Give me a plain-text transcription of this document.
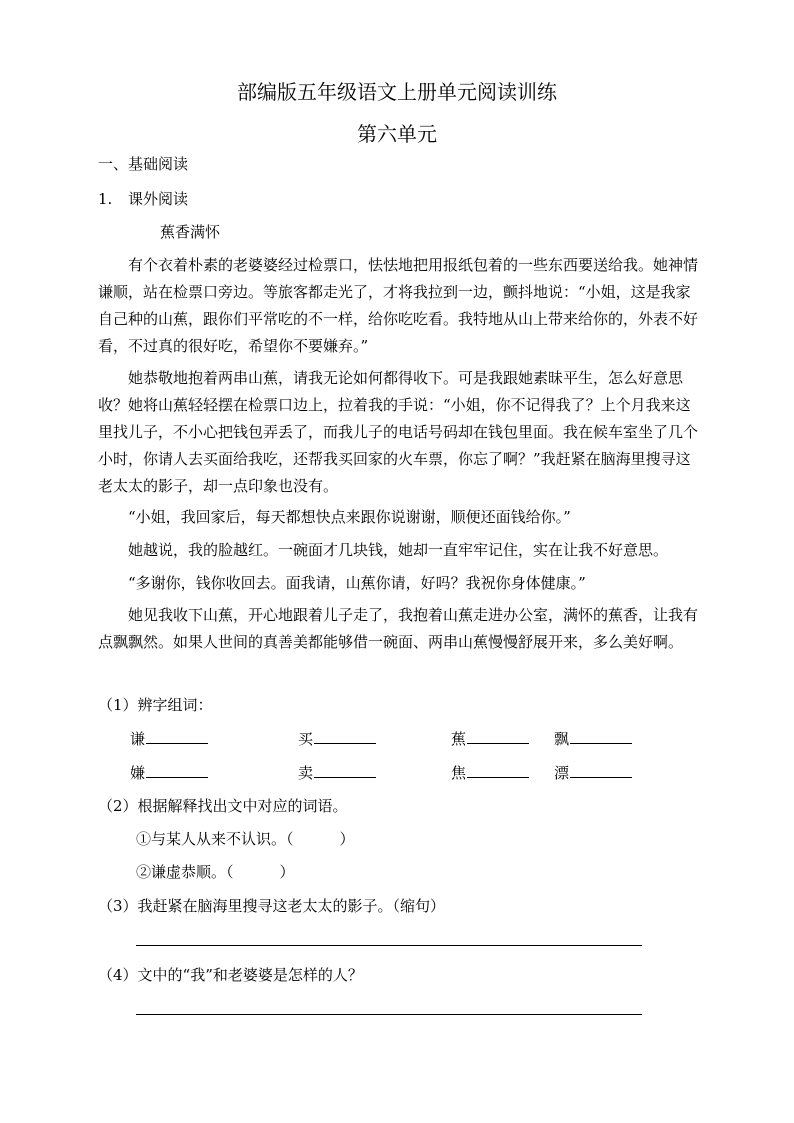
部编版五年级语文上册单元阅读训练
第六单元
一、基础阅读
1. 课外阅读
蕉香满怀

有个衣着朴素的老婆婆经过检票口，怯怯地把用报纸包着的一些东西要送给我。她神情谦顺，站在检票口旁边。等旅客都走光了，才将我拉到一边，颤抖地说：“小姐，这是我家自己种的山蕉，跟你们平常吃的不一样，给你吃吃看。我特地从山上带来给你的，外表不好看，不过真的很好吃，希望你不要嫌弃。”

她恭敬地抱着两串山蕉，请我无论如何都得收下。可是我跟她素昧平生，怎么好意思收？她将山蕉轻轻摆在检票口边上，拉着我的手说：“小姐，你不记得我了？上个月我来这里找儿子，不小心把钱包弄丢了，而我儿子的电话号码却在钱包里面。我在候车室坐了几个小时，你请人去买面给我吃，还帮我买回家的火车票，你忘了啊？”我赶紧在脑海里搜寻这老太太的影子，却一点印象也没有。

“小姐，我回家后，每天都想快点来跟你说谢谢，顺便还面钱给你。”

她越说，我的脸越红。一碗面才几块钱，她却一直牢牢记住，实在让我不好意思。

“多谢你，钱你收回去。面我请，山蕉你请，好吗？我祝你身体健康。”

她见我收下山蕉，开心地跟着儿子走了，我抱着山蕉走进办公室，满怀的蕉香，让我有点飘飘然。如果人世间的真善美都能够借一碗面、两串山蕉慢慢舒展开来，多么美好啊。

（1）辨字组词：
谦	买	蕉	飘
嫌	卖	焦	漂
（2）根据解释找出文中对应的词语。
①与某人从来不认识。（	）
②谦虚恭顺。（	）
（3）我赶紧在脑海里搜寻这老太太的影子。（缩句）
（4）文中的“我”和老婆婆是怎样的人？
